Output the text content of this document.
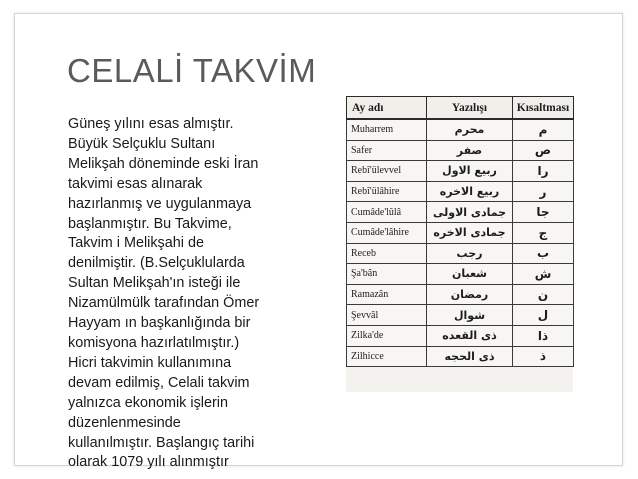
CELALİ TAKVİM
Güneş yılını esas almıştır.
Büyük Selçuklu Sultanı
Melikşah döneminde eski İran
takvimi esas alınarak
hazırlanmış ve uygulanmaya
başlanmıştır. Bu Takvime,
Takvim i Melikşahi de
denilmiştir. (B.Selçuklularda
Sultan Melikşah'ın isteği ile
Nizamülmülk tarafından Ömer
Hayyam ın başkanlığında bir
komisyona hazırlatılmıştır.)
Hicri takvimin kullanımına
devam edilmiş, Celali takvim
yalnızca ekonomik işlerin
düzenlenmesinde
kullanılmıştır. Başlangıç tarihi
olarak 1079 yılı alınmıştır
Ay adı	Yazılışı	Kısaltması
Muharrem	محرم	م
Safer	صفر	ص
Rebî'ülevvel	ربيع الاول	را
Rebî'ülâhire	ربيع الاخره	ر
Cumâde'lûlâ	جمادى الاولى	جا
Cumâde'lâhire	جمادى الاخره	ج
Receb	رجب	ب
Şa'bân	شعبان	ش
Ramazân	رمضان	ن
Şevvâl	شوال	ل
Zilka'de	ذى القعده	ذا
Zilhicce	ذى الحجه	ذ
